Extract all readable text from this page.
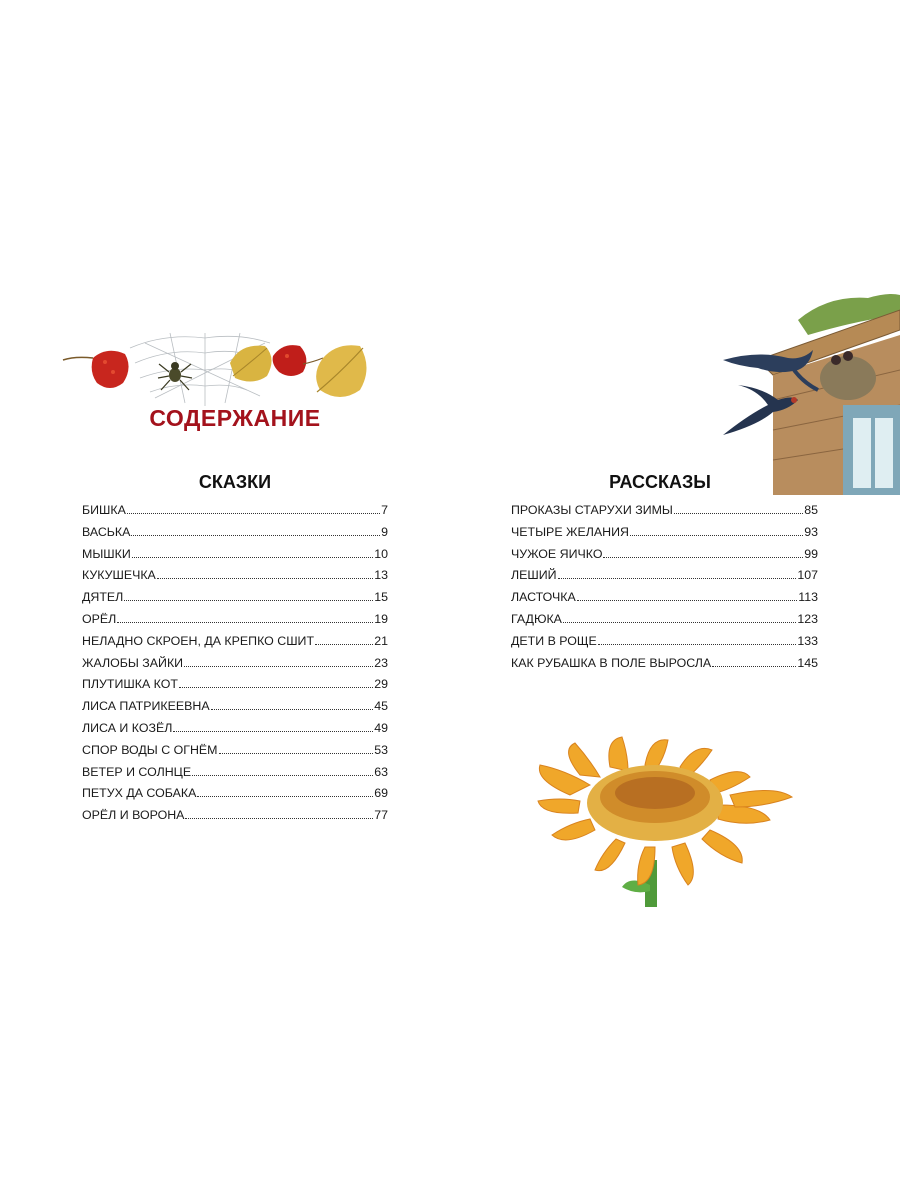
СОДЕРЖАНИЕ
СКАЗКИ	РАССКАЗЫ
БИШКА	7
ВАСЬКА	9
МЫШКИ	10
КУКУШЕЧКА	13
ДЯТЕЛ	15
ОРЁЛ	19
НЕЛАДНО СКРОЕН, ДА КРЕПКО СШИТ	21
ЖАЛОБЫ ЗАЙКИ	23
ПЛУТИШКА КОТ	29
ЛИСА ПАТРИКЕЕВНА	45
ЛИСА И КОЗЁЛ	49
СПОР ВОДЫ С ОГНЁМ	53
ВЕТЕР И СОЛНЦЕ	63
ПЕТУХ ДА СОБАКА	69
ОРЁЛ И ВОРОНА	77
ПРОКАЗЫ СТАРУХИ ЗИМЫ	85
ЧЕТЫРЕ ЖЕЛАНИЯ	93
ЧУЖОЕ ЯИЧКО	99
ЛЕШИЙ	107
ЛАСТОЧКА	113
ГАДЮКА	123
ДЕТИ В РОЩЕ	133
КАК РУБАШКА В ПОЛЕ ВЫРОСЛА	145
